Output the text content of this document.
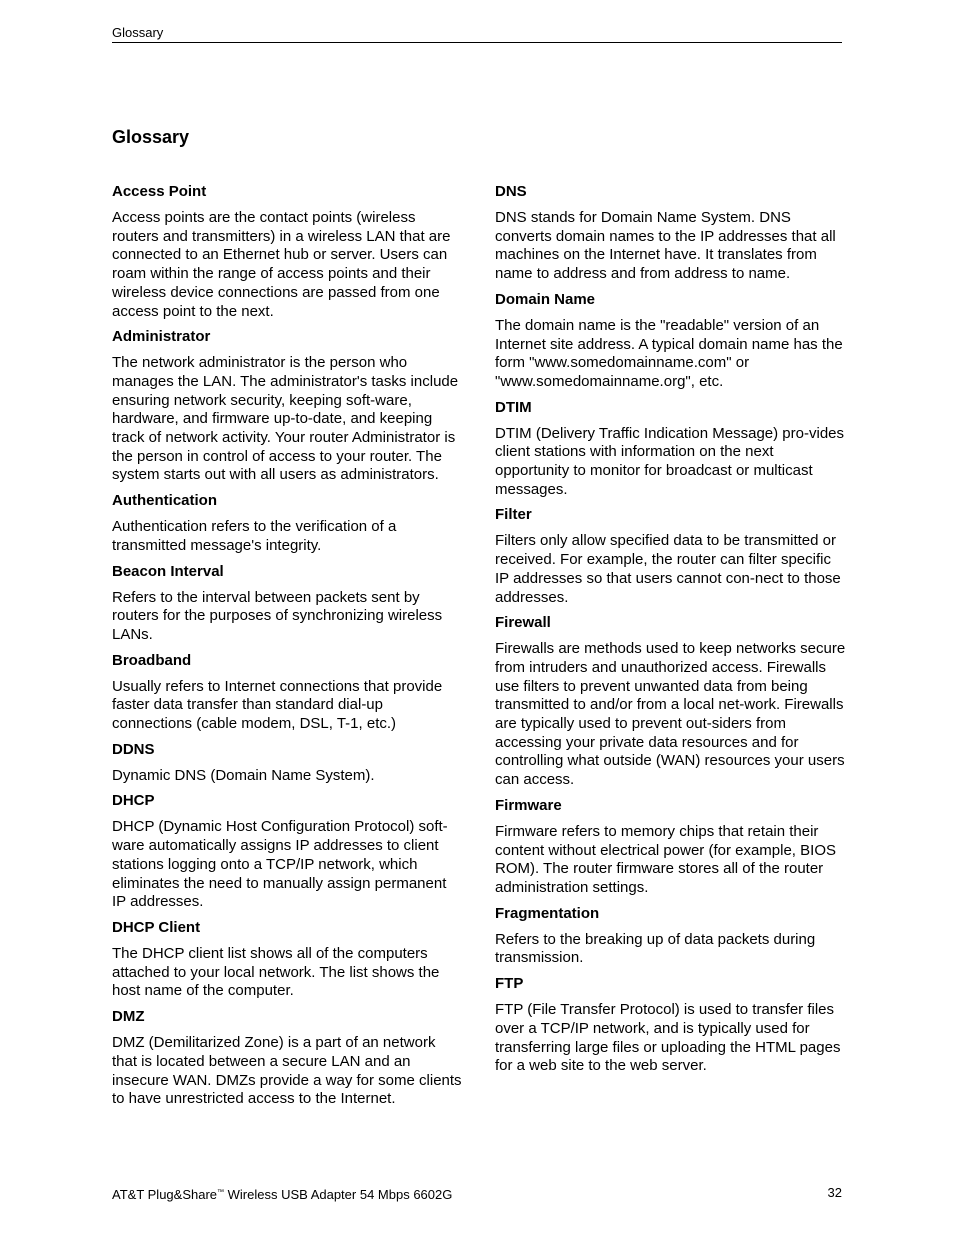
Glossary
Glossary

Access Point

Access points are the contact points (wireless routers and transmitters) in a wireless LAN that are connected to an Ethernet hub or server. Users can roam within the range of access points and their wireless device connections are passed from one access point to the next.

Administrator

The network administrator is the person who manages the LAN. The administrator's tasks include ensuring network security, keeping soft-ware, hardware, and firmware up-to-date, and keeping track of network activity. Your router Administrator is the person in control of access to your router. The system starts out with all users as administrators.

Authentication

Authentication refers to the verification of a transmitted message's integrity.

Beacon Interval

Refers to the interval between packets sent by routers for the purposes of synchronizing wireless LANs.

Broadband

Usually refers to Internet connections that provide faster data transfer than standard dial-up connections (cable modem, DSL, T-1, etc.)

DDNS

Dynamic DNS (Domain Name System).

DHCP

DHCP (Dynamic Host Configuration Protocol) soft-ware automatically assigns IP addresses to client stations logging onto a TCP/IP network, which eliminates the need to manually assign permanent IP addresses.

DHCP Client

The DHCP client list shows all of the computers attached to your local network. The list shows the host name of the computer.

DMZ

DMZ (Demilitarized Zone) is a part of an network that is located between a secure LAN and an insecure WAN. DMZs provide a way for some clients to have unrestricted access to the Internet.

DNS

DNS stands for Domain Name System. DNS converts domain names to the IP addresses that all machines on the Internet have. It translates from name to address and from address to name.

Domain Name

The domain name is the "readable" version of an Internet site address. A typical domain name has the form "www.somedomainname.com" or "www.somedomainname.org", etc.

DTIM

DTIM (Delivery Traffic Indication Message) pro-vides client stations with information on the next opportunity to monitor for broadcast or multicast messages.

Filter

Filters only allow specified data to be transmitted or received. For example, the router can filter specific IP addresses so that users cannot con-nect to those addresses.

Firewall

Firewalls are methods used to keep networks secure from intruders and unauthorized access. Firewalls use filters to prevent unwanted data from being transmitted to and/or from a local net-work. Firewalls are typically used to prevent out-siders from accessing your private data resources and for controlling what outside (WAN) resources your users can access.

Firmware

Firmware refers to memory chips that retain their content without electrical power (for example, BIOS ROM). The router firmware stores all of the router administration settings.

Fragmentation

Refers to the breaking up of data packets during transmission.

FTP

FTP (File Transfer Protocol) is used to transfer files over a TCP/IP network, and is typically used for transferring large files or uploading the HTML pages for a web site to the web server.

AT&T Plug&Share™ Wireless USB Adapter 54 Mbps 6602G	32
